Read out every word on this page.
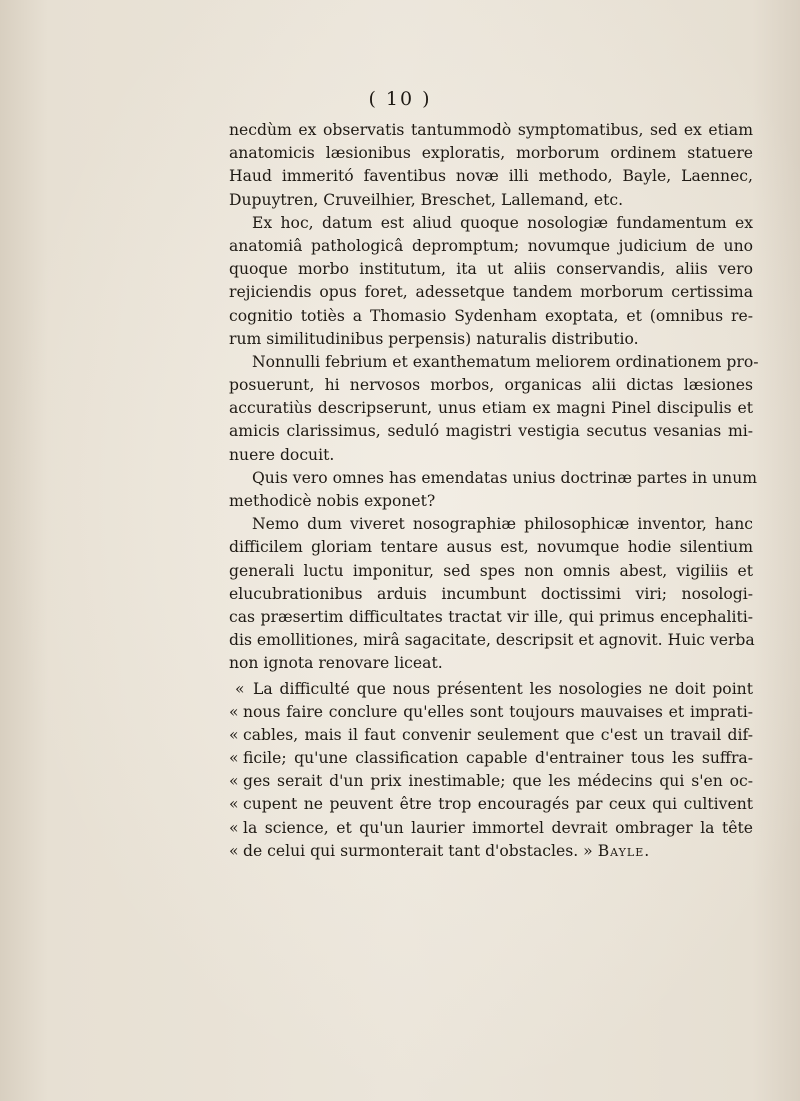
( 10 )
necdùm ex observatis tantummodò symptomatibus, sed ex etiam
anatomicis læsionibus exploratis, morborum ordinem statuere
Haud immeritó faventibus novæ illi methodo, Bayle, Laennec,
Dupuytren, Cruveilhier, Breschet, Lallemand, etc.
Ex hoc, datum est aliud quoque nosologiæ fundamentum ex
anatomiâ pathologicâ depromptum; novumque judicium de uno
quoque morbo institutum, ita ut aliis conservandis, aliis vero
rejiciendis opus foret, adessetque tandem morborum certissima
cognitio totiès a Thomasio Sydenham exoptata, et (omnibus re-
rum similitudinibus perpensis) naturalis distributio.
Nonnulli febrium et exanthematum meliorem ordinationem pro-
posuerunt, hi nervosos morbos, organicas alii dictas læsiones
accuratiùs descripserunt, unus etiam ex magni Pinel discipulis et
amicis clarissimus, seduló magistri vestigia secutus vesanias mi-
nuere docuit.
Quis vero omnes has emendatas unius doctrinæ partes in unum
methodicè nobis exponet?
Nemo dum viveret nosographiæ philosophicæ inventor, hanc
difficilem gloriam tentare ausus est, novumque hodie silentium
generali luctu imponitur, sed spes non omnis abest, vigiliis et
elucubrationibus arduis incumbunt doctissimi viri; nosologi-
cas præsertim difficultates tractat vir ille, qui primus encephaliti-
dis emollitiones, mirâ sagacitate, descripsit et agnovit. Huic verba
non ignota renovare liceat.
« La difficulté que nous présentent les nosologies ne doit point
« nous faire conclure qu'elles sont toujours mauvaises et imprati-
« cables, mais il faut convenir seulement que c'est un travail dif-
« ficile; qu'une classification capable d'entrainer tous les suffra-
« ges serait d'un prix inestimable; que les médecins qui s'en oc-
« cupent ne peuvent être trop encouragés par ceux qui cultivent
« la science, et qu'un laurier immortel devrait ombrager la tête
« de celui qui surmonterait tant d'obstacles. » Bayle.
